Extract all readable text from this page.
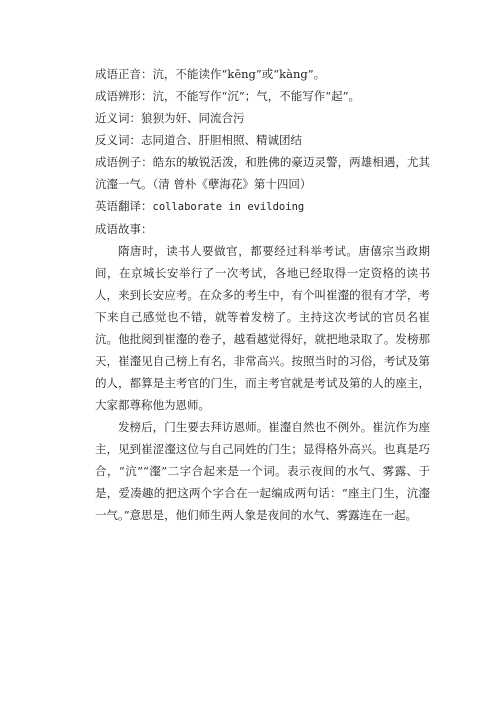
成语正音：沆，不能读作“kēng”或“kàng”。

成语辨形：沆，不能写作“沉”；气，不能写作“起”。

近义词：狼狈为奸、同流合污

反义词：志同道合、肝胆相照、精诚团结

成语例子：皓东的敏锐活泼，和胜佛的豪迈灵警，两雄相遇，尤其沆瀣一气。（清 曾朴《孽海花》第十四回）

英语翻译：collaborate in evildoing

成语故事：

隋唐时，读书人要做官，都要经过科举考试。唐僖宗当政期间，在京城长安举行了一次考试，各地已经取得一定资格的读书人，来到长安应考。在众多的考生中，有个叫崔瀣的很有才学，考下来自己感觉也不错，就等着发榜了。主持这次考试的官员名崔沆。他批阅到崔瀣的卷子，越看越觉得好，就把地录取了。发榜那天，崔瀣见自己榜上有名，非常高兴。按照当时的习俗，考试及第的人，都算是主考官的门生，而主考官就是考试及第的人的座主，大家都尊称他为恩师。

发榜后，门生要去拜访恩师。崔瀣自然也不例外。崔沆作为座主，见到崔涩瀣这位与自己同姓的门生；显得格外高兴。也真是巧合，“沆”“瀣”二字合起来是一个词。表示夜间的水气、雾露、于是，爱凑趣的把这两个字合在一起编成两句话：“座主门生，沆瀣一气。”意思是，他们师生两人象是夜间的水气、雾露连在一起。
